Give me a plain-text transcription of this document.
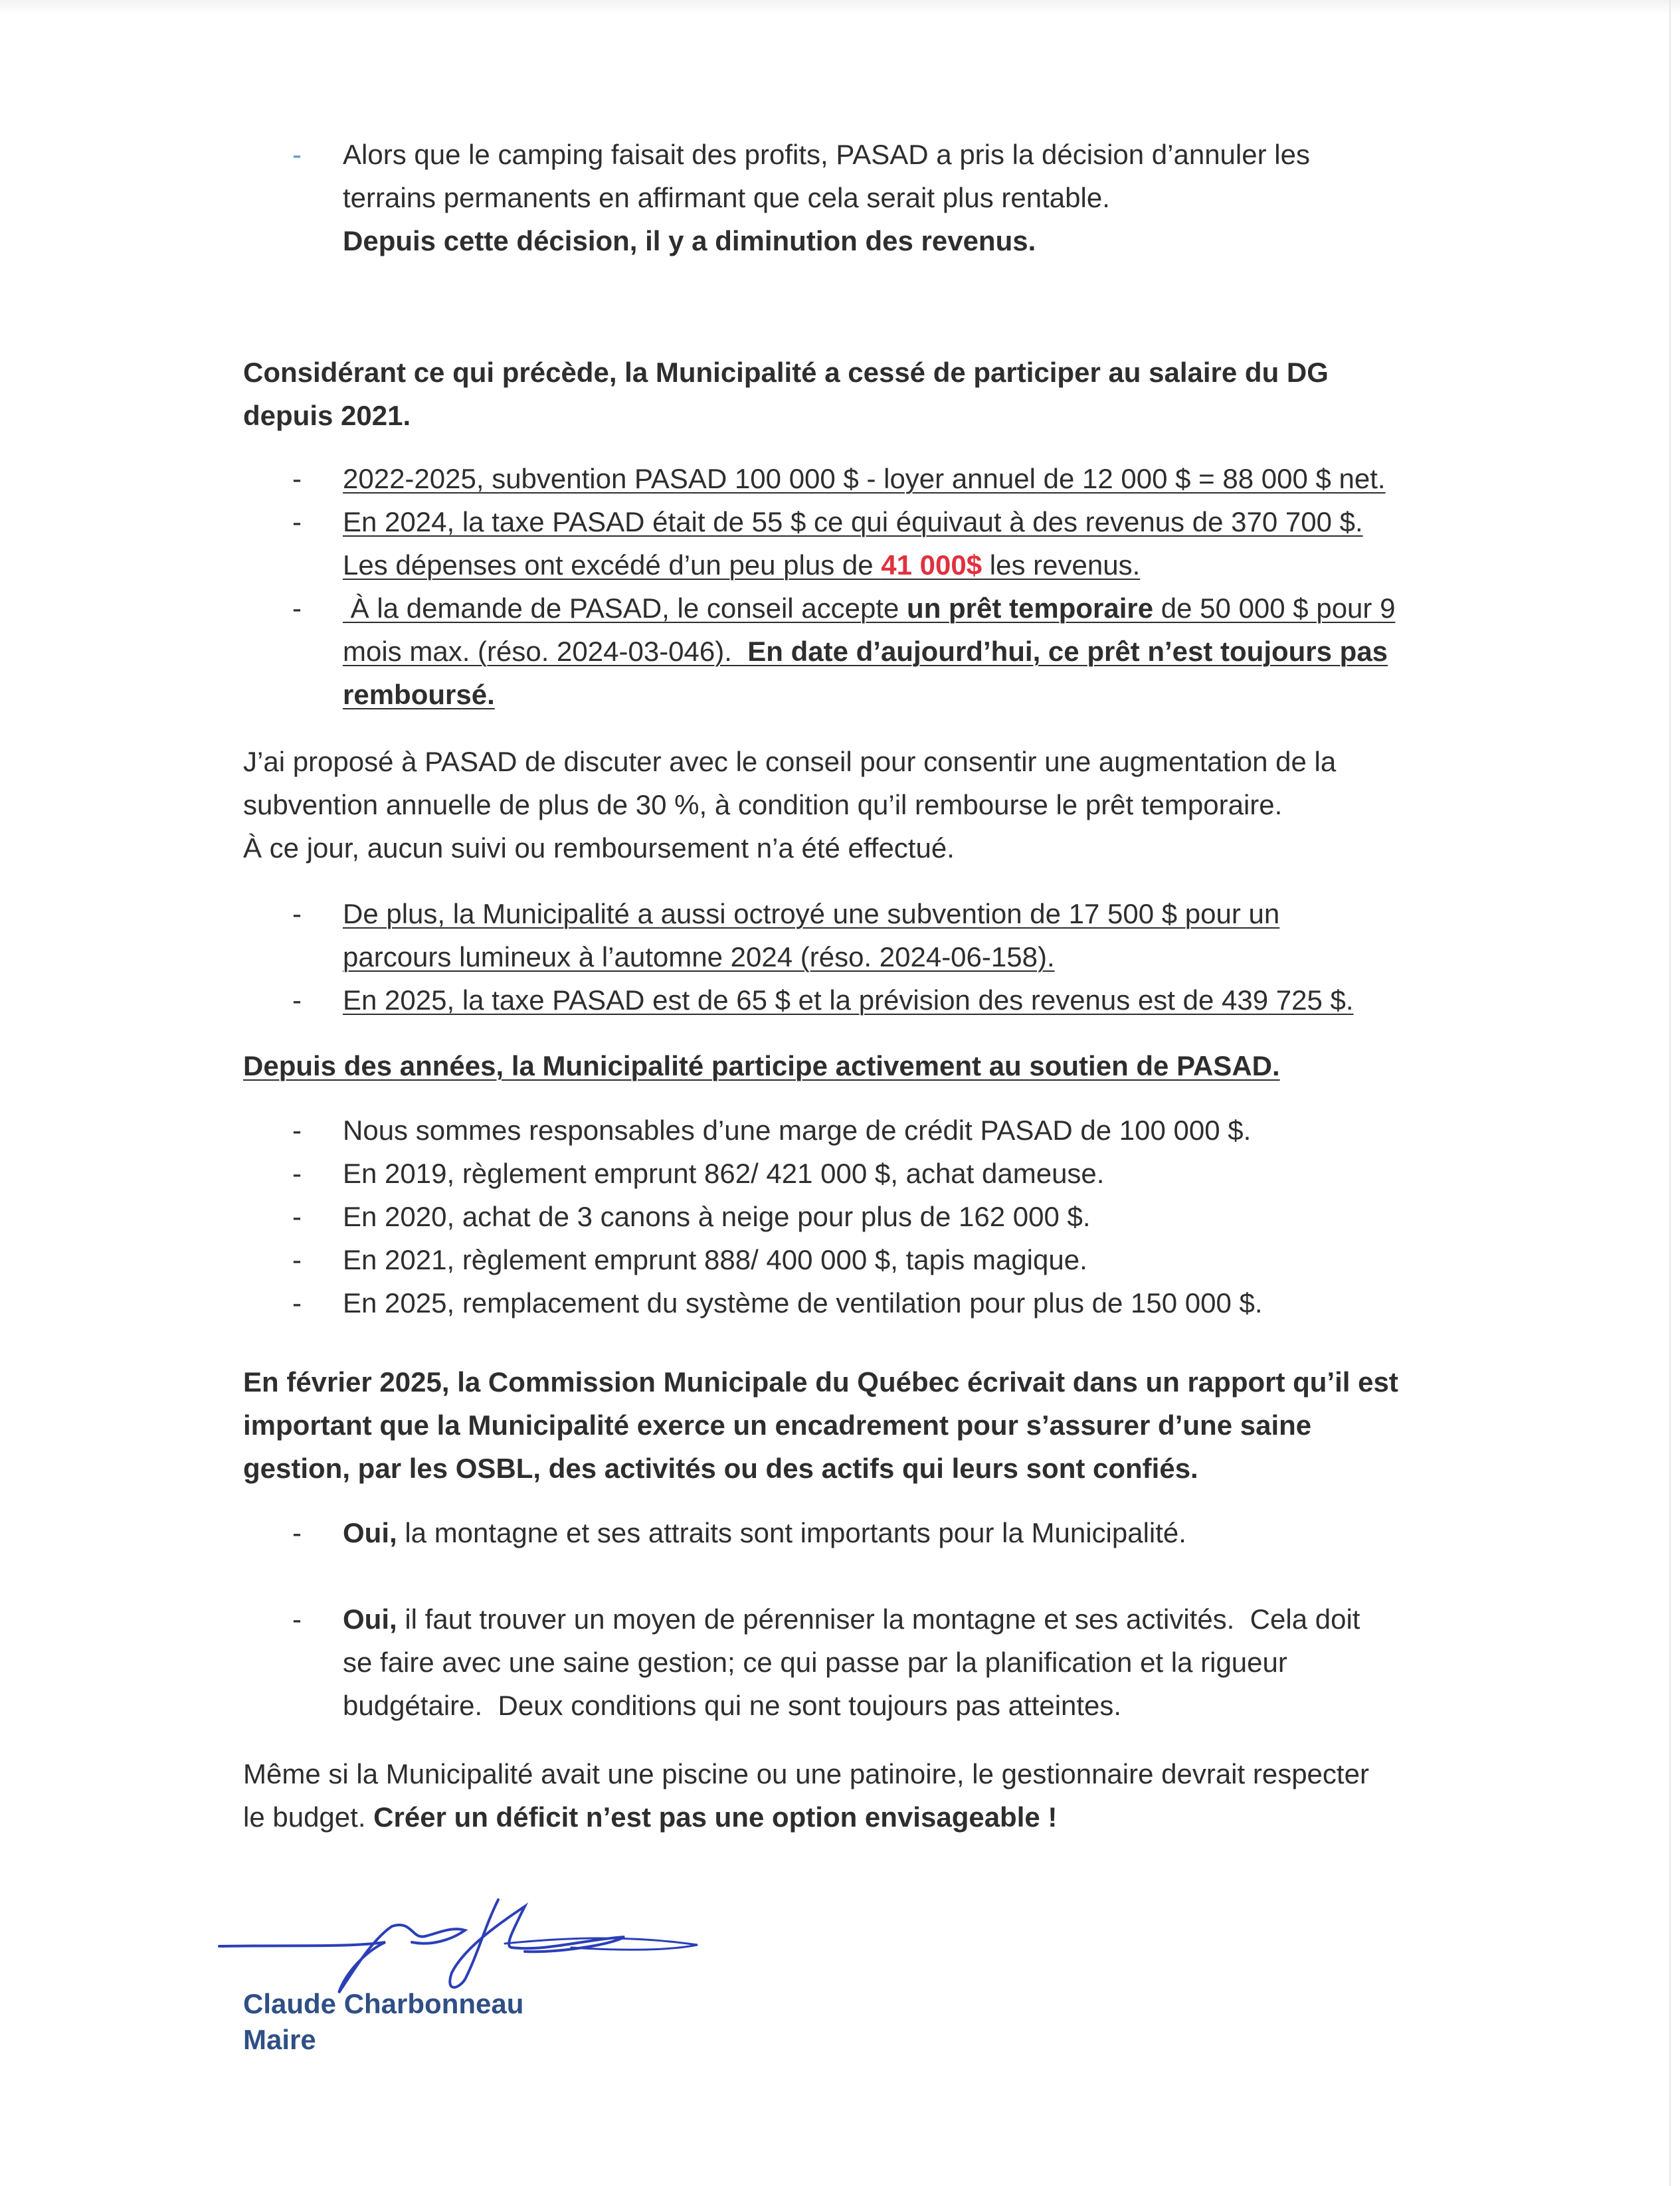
- Alors que le camping faisait des profits, PASAD a pris la décision d’annuler les
terrains permanents en affirmant que cela serait plus rentable.
Depuis cette décision, il y a diminution des revenus.

Considérant ce qui précède, la Municipalité a cessé de participer au salaire du DG

depuis 2021.

- 2022-2025, subvention PASAD 100 000 $ - loyer annuel de 12 000 $ = 88 000 $ net.
- En 2024, la taxe PASAD était de 55 $ ce qui équivaut à des revenus de 370 700 $.
Les dépenses ont excédé d’un peu plus de 41 000$ les revenus.
- À la demande de PASAD, le conseil accepte un prêt temporaire de 50 000 $ pour 9
mois max. (réso. 2024-03-046).  En date d’aujourd’hui, ce prêt n’est toujours pas
remboursé.

J’ai proposé à PASAD de discuter avec le conseil pour consentir une augmentation de la

subvention annuelle de plus de 30 %, à condition qu’il rembourse le prêt temporaire.

À ce jour, aucun suivi ou remboursement n’a été effectué.

- De plus, la Municipalité a aussi octroyé une subvention de 17 500 $ pour un
parcours lumineux à l’automne 2024 (réso. 2024-06-158).
- En 2025, la taxe PASAD est de 65 $ et la prévision des revenus est de 439 725 $.

Depuis des années, la Municipalité participe activement au soutien de PASAD.

- Nous sommes responsables d’une marge de crédit PASAD de 100 000 $.
- En 2019, règlement emprunt 862/ 421 000 $, achat dameuse.
- En 2020, achat de 3 canons à neige pour plus de 162 000 $.
- En 2021, règlement emprunt 888/ 400 000 $, tapis magique.
- En 2025, remplacement du système de ventilation pour plus de 150 000 $.

En février 2025, la Commission Municipale du Québec écrivait dans un rapport qu’il est

important que la Municipalité exerce un encadrement pour s’assurer d’une saine

gestion, par les OSBL, des activités ou des actifs qui leurs sont confiés.

- Oui, la montagne et ses attraits sont importants pour la Municipalité.
- Oui, il faut trouver un moyen de pérenniser la montagne et ses activités.  Cela doit
se faire avec une saine gestion; ce qui passe par la planification et la rigueur
budgétaire.  Deux conditions qui ne sont toujours pas atteintes.

Même si la Municipalité avait une piscine ou une patinoire, le gestionnaire devrait respecter

le budget. Créer un déficit n’est pas une option envisageable !

Claude Charbonneau
Maire
